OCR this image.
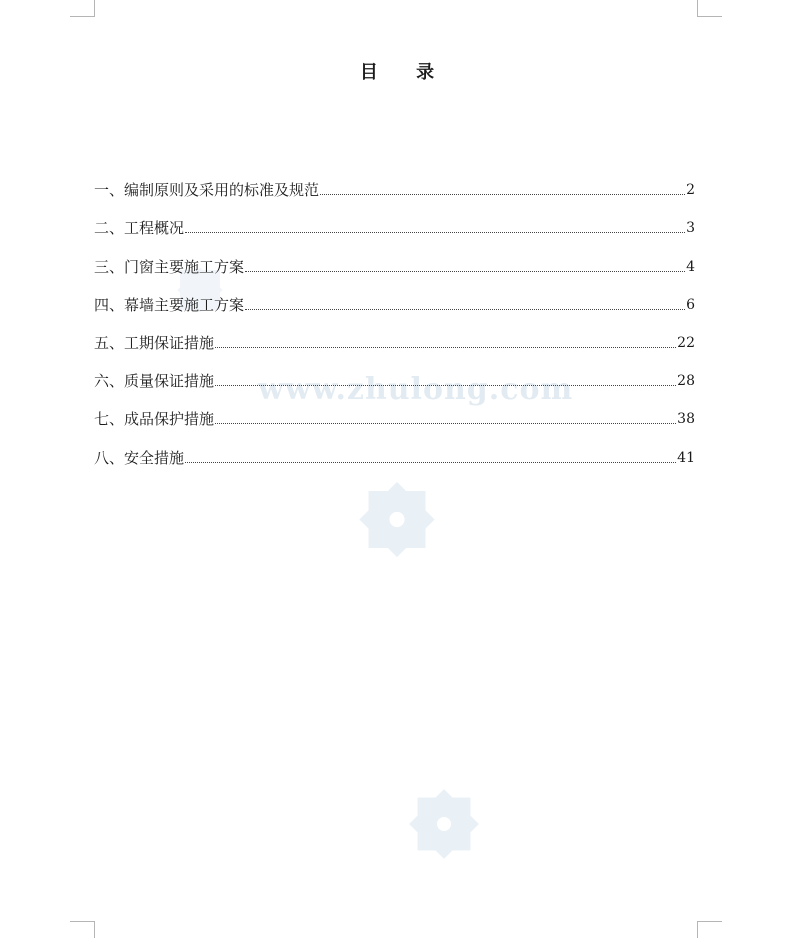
www.zhulong.com
目 录
一、编制原则及采用的标准及规范	2
二、工程概况	3
三、门窗主要施工方案	4
四、幕墙主要施工方案	6
五、工期保证措施	22
六、质量保证措施	28
七、成品保护措施	38
八、安全措施	41
